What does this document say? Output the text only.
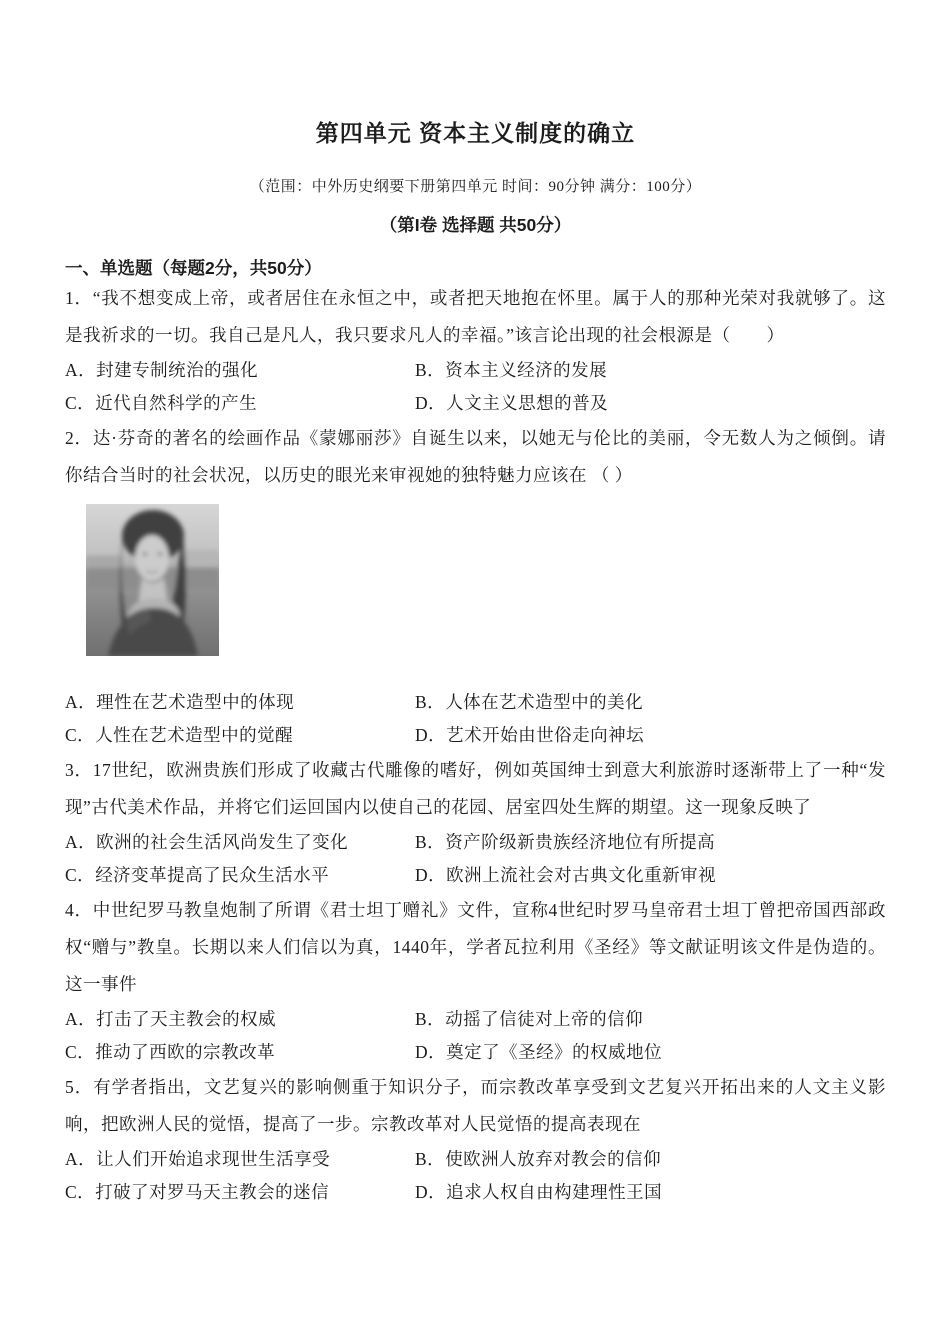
第四单元 资本主义制度的确立

（范围：中外历史纲要下册第四单元 时间：90分钟 满分：100分）

（第I卷 选择题 共50分）

一、单选题（每题2分，共50分）

1．“我不想变成上帝，或者居住在永恒之中，或者把天地抱在怀里。属于人的那种光荣对我就够了。这是我祈求的一切。我自己是凡人，我只要求凡人的幸福。”该言论出现的社会根源是（　　）

A．封建专制统治的强化	B．资本主义经济的发展
C．近代自然科学的产生	D．人文主义思想的普及

2．达·芬奇的著名的绘画作品《蒙娜丽莎》自诞生以来，以她无与伦比的美丽，令无数人为之倾倒。请你结合当时的社会状况，以历史的眼光来审视她的独特魅力应该在 （ ）

A．理性在艺术造型中的体现	B．人体在艺术造型中的美化
C．人性在艺术造型中的觉醒	D．艺术开始由世俗走向神坛

3．17世纪，欧洲贵族们形成了收藏古代雕像的嗜好，例如英国绅士到意大利旅游时逐渐带上了一种“发现”古代美术作品，并将它们运回国内以使自己的花园、居室四处生辉的期望。这一现象反映了

A．欧洲的社会生活风尚发生了变化	B．资产阶级新贵族经济地位有所提高
C．经济变革提高了民众生活水平	D．欧洲上流社会对古典文化重新审视

4．中世纪罗马教皇炮制了所谓《君士坦丁赠礼》文件，宣称4世纪时罗马皇帝君士坦丁曾把帝国西部政权“赠与”教皇。长期以来人们信以为真，1440年，学者瓦拉利用《圣经》等文献证明该文件是伪造的。这一事件

A．打击了天主教会的权威	B．动摇了信徒对上帝的信仰
C．推动了西欧的宗教改革	D．奠定了《圣经》的权威地位

5．有学者指出，文艺复兴的影响侧重于知识分子，而宗教改革享受到文艺复兴开拓出来的人文主义影响，把欧洲人民的觉悟，提高了一步。宗教改革对人民觉悟的提高表现在

A．让人们开始追求现世生活享受	B．使欧洲人放弃对教会的信仰
C．打破了对罗马天主教会的迷信	D．追求人权自由构建理性王国
